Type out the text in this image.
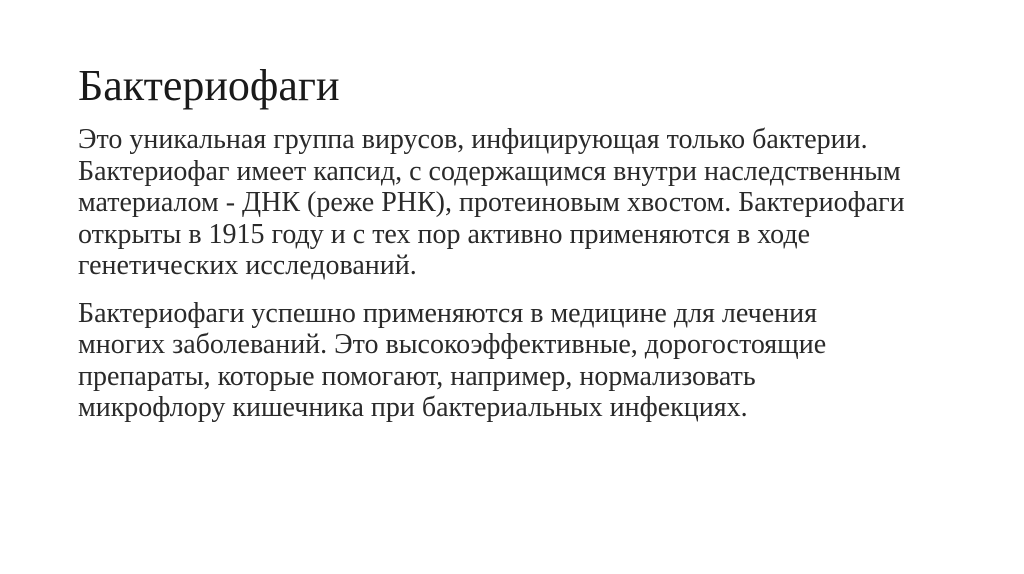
Бактериофаги

Это уникальная группа вирусов, инфицирующая только бактерии.
Бактериофаг имеет капсид, с содержащимся внутри наследственным
материалом - ДНК (реже РНК), протеиновым хвостом. Бактериофаги
открыты в 1915 году и с тех пор активно применяются в ходе
генетических исследований.

Бактериофаги успешно применяются в медицине для лечения
многих заболеваний. Это высокоэффективные, дорогостоящие
препараты, которые помогают, например, нормализовать
микрофлору кишечника при бактериальных инфекциях.
